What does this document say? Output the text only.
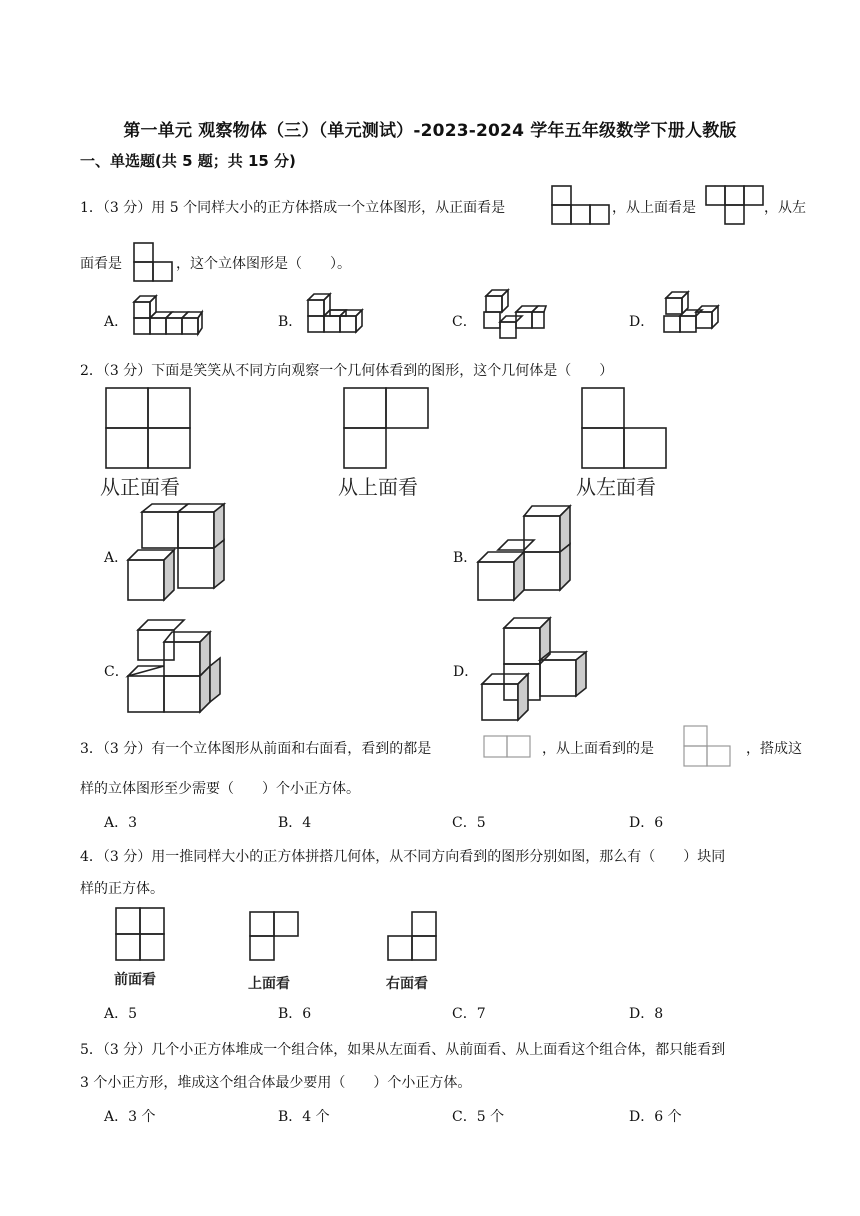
第一单元 观察物体（三）（单元测试）-2023-2024 学年五年级数学下册人教版
一、单选题(共 5 题；共 15 分)
1．（3 分）用 5 个同样大小的正方体搭成一个立体图形，从正面看是	，从上面看是	，从左
面看是	，这个立体图形是（　　）。
A．	B．	C．	D．
2．（3 分）下面是笑笑从不同方向观察一个几何体看到的图形，这个几何体是（　　）
从正面看	从上面看	从左面看
A．	B．
C．	D．
3．（3 分）有一个立体图形从前面和右面看，看到的都是	，从上面看到的是	，搭成这
样的立体图形至少需要（　　）个小正方体。
A．3	B．4	C．5	D．6
4．（3 分）用一推同样大小的正方体拼搭几何体，从不同方向看到的图形分别如图，那么有（　　）块同
样的正方体。
前面看	上面看	右面看
A．5	B．6	C．7	D．8
5．（3 分）几个小正方体堆成一个组合体，如果从左面看、从前面看、从上面看这个组合体，都只能看到
3 个小正方形，堆成这个组合体最少要用（　　）个小正方体。
A．3 个	B．4 个	C．5 个	D．6 个
